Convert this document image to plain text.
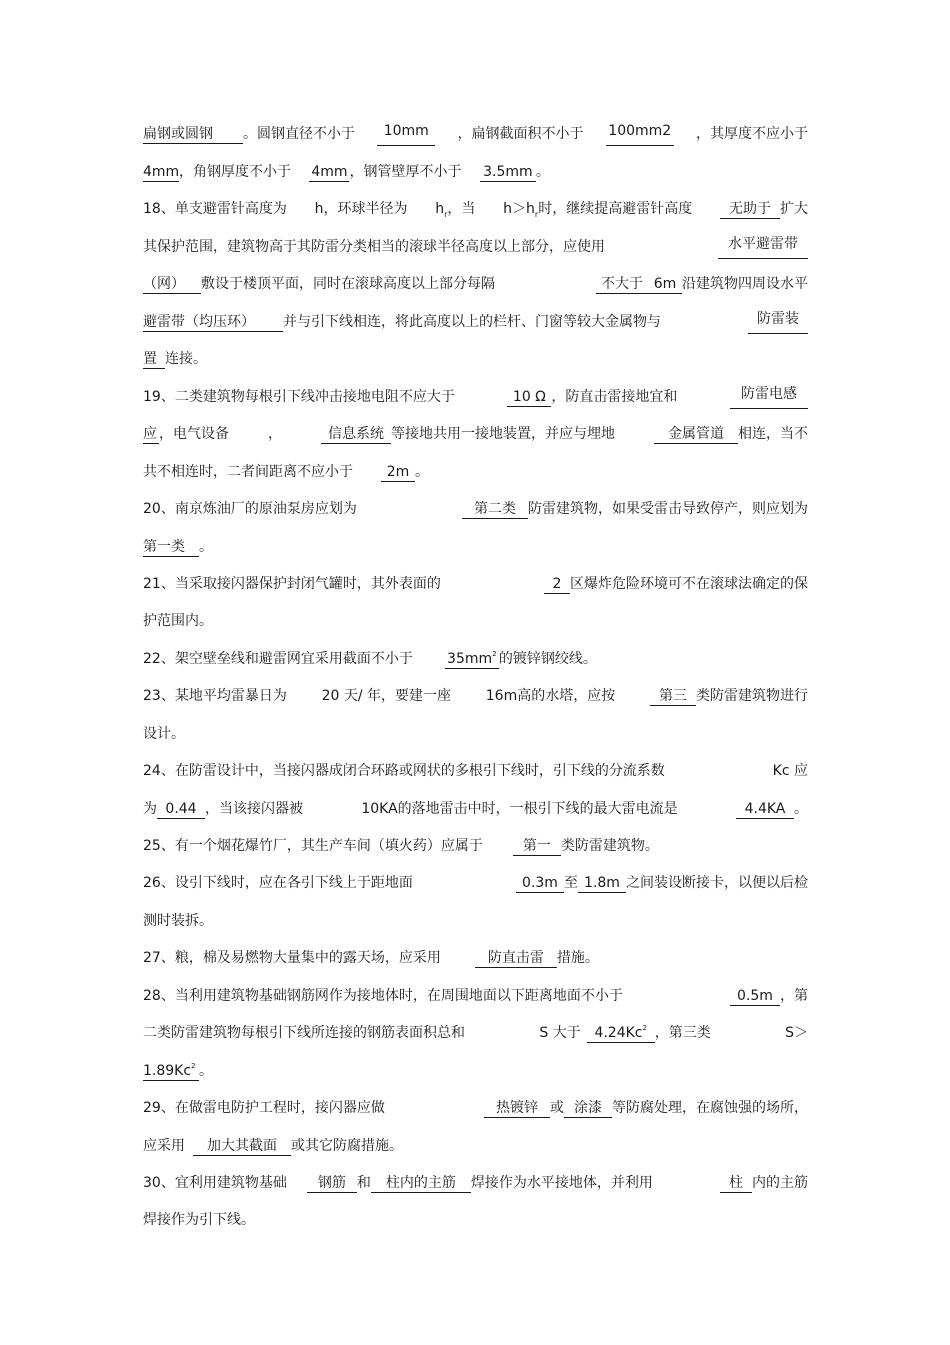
扁钢或圆钢 。圆钢直径不小于	10mm	，扁钢截面积不小于 100mm2 ，其厚度不应小于
4mm，角钢厚度不小于 4mm ，钢管壁厚不小于 3.5mm 。
18、单支避雷针高度为 h，环球半径为 $h_r$，当 $h>h_r$时，继续提高避雷针高度	无助于 扩大
其保护范围，建筑物高于其防雷分类相当的滚球半径高度以上部分，应使用	水平避雷带
（网） 敷设于楼顶平面，同时在滚球高度以上部分每隔	不大于 6m 沿建筑物四周设水平
避雷带（均压环） 并与引下线相连，将此高度以上的栏杆、门窗等较大金属物与	防雷装
置 连接。
19、二类建筑物每根引下线冲击接地电阻不应大于	10 Ω ，防直击雷接地宜和	防雷电感
应 ，电气设备	，	信息系统 等接地共用一接地装置，并应与埋地	金属管道 相连，当不
共不相连时，二者间距离不应小于 2m 。
20、南京炼油厂的原油泵房应划为	第二类 防雷建筑物，如果受雷击导致停产，则应划为
第一类 。
21、当采取接闪器保护封闭气罐时，其外表面的	2 区爆炸危险环境可不在滚球法确定的保
护范围内。
22、架空壁垒线和避雷网宜采用截面不小于 $35mm^2$ 的镀锌钢绞线。
23、某地平均雷暴日为 20 天/ 年，要建一座 16m高的水塔，应按	第三 类防雷建筑物进行
设计。
24、在防雷设计中，当接闪器成闭合环路或网状的多根引下线时，引下线的分流系数	Kc 应
为 0.44 ，当该接闪器被	10KA的落地雷击中时，一根引下线的最大雷电流是	4.4KA 。
25、有一个烟花爆竹厂，其生产车间（填火药）应属于	第一 类防雷建筑物。
26、设引下线时，应在各引下线上于距地面	0.3m 至 1.8m 之间装设断接卡，以便以后检
测时装拆。
27、粮，棉及易燃物大量集中的露天场，应采用	防直击雷 措施。
28、当利用建筑物基础钢筋网作为接地体时，在周围地面以下距离地面不小于	0.5m ，第
二类防雷建筑物每根引下线所连接的钢筋表面积总和	S 大于 4.24Kc$^2$ ，第三类	S＞
$1.89Kc^2$ 。
29、在做雷电防护工程时，接闪器应做	热镀锌 或 涂漆 等防腐处理，在腐蚀强的场所，
应采用 加大其截面 或其它防腐措施。
30、宜利用建筑物基础 钢筋 和 柱内的主筋 焊接作为水平接地体，并利用	柱 内的主筋
焊接作为引下线。
